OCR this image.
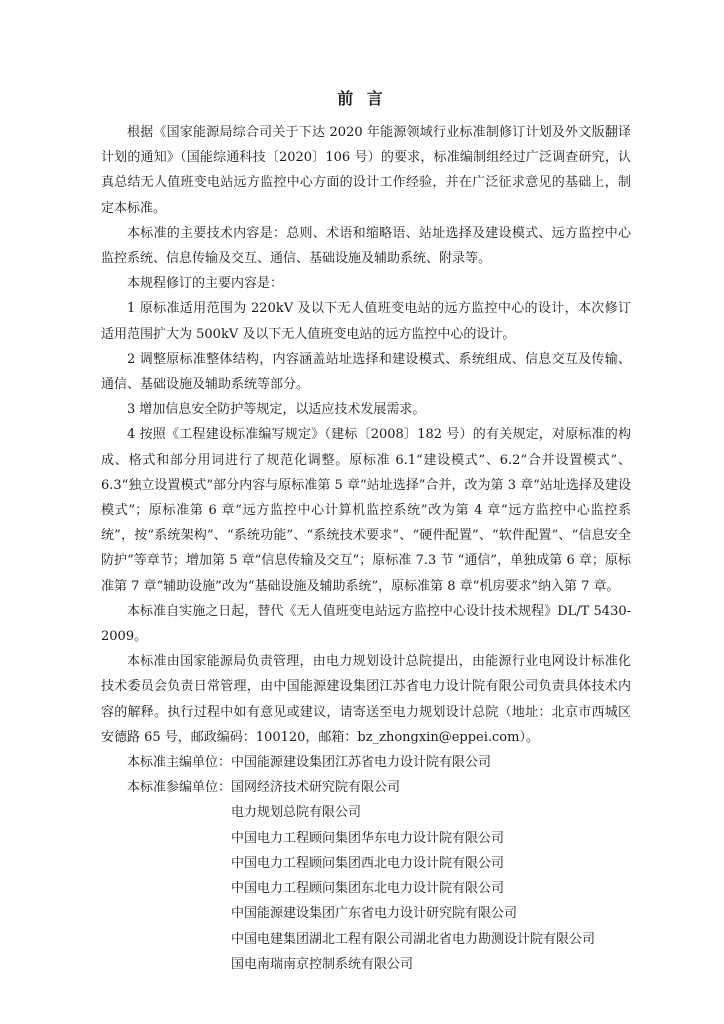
前 言

根据《国家能源局综合司关于下达 2020 年能源领域行业标准制修订计划及外文版翻译计划的通知》（国能综通科技〔2020〕106 号）的要求，标准编制组经过广泛调查研究，认真总结无人值班变电站远方监控中心方面的设计工作经验，并在广泛征求意见的基础上，制定本标准。

本标准的主要技术内容是：总则、术语和缩略语、站址选择及建设模式、远方监控中心监控系统、信息传输及交互、通信、基础设施及辅助系统、附录等。

本规程修订的主要内容是：

1 原标准适用范围为 220kV 及以下无人值班变电站的远方监控中心的设计，本次修订适用范围扩大为 500kV 及以下无人值班变电站的远方监控中心的设计。

2 调整原标准整体结构，内容涵盖站址选择和建设模式、系统组成、信息交互及传输、通信、基础设施及辅助系统等部分。

3 增加信息安全防护等规定，以适应技术发展需求。

4 按照《工程建设标准编写规定》（建标〔2008〕182 号）的有关规定，对原标准的构成、格式和部分用词进行了规范化调整。原标准 6.1“建设模式”、6.2“合并设置模式”、6.3“独立设置模式”部分内容与原标准第 5 章“站址选择”合并，改为第 3 章“站址选择及建设模式”；原标准第 6 章“远方监控中心计算机监控系统”改为第 4 章“远方监控中心监控系统”，按“系统架构”、“系统功能”、“系统技术要求”、“硬件配置”、“软件配置”、“信息安全防护”等章节；增加第 5 章“信息传输及交互”；原标准 7.3 节 “通信”，单独成第 6 章；原标准第 7 章“辅助设施”改为“基础设施及辅助系统”，原标准第 8 章“机房要求”纳入第 7 章。

本标准自实施之日起，替代《无人值班变电站远方监控中心设计技术规程》DL/T 5430-2009。

本标准由国家能源局负责管理，由电力规划设计总院提出，由能源行业电网设计标准化技术委员会负责日常管理，由中国能源建设集团江苏省电力设计院有限公司负责具体技术内容的解释。执行过程中如有意见或建议，请寄送至电力规划设计总院（地址：北京市西城区安德路 65 号，邮政编码：100120，邮箱：bz_zhongxin@eppei.com）。

本标准主编单位：中国能源建设集团江苏省电力设计院有限公司

本标准参编单位：国网经济技术研究院有限公司

电力规划总院有限公司
中国电力工程顾问集团华东电力设计院有限公司
中国电力工程顾问集团西北电力设计院有限公司
中国电力工程顾问集团东北电力设计院有限公司
中国能源建设集团广东省电力设计研究院有限公司
中国电建集团湖北工程有限公司湖北省电力勘测设计院有限公司
国电南瑞南京控制系统有限公司
